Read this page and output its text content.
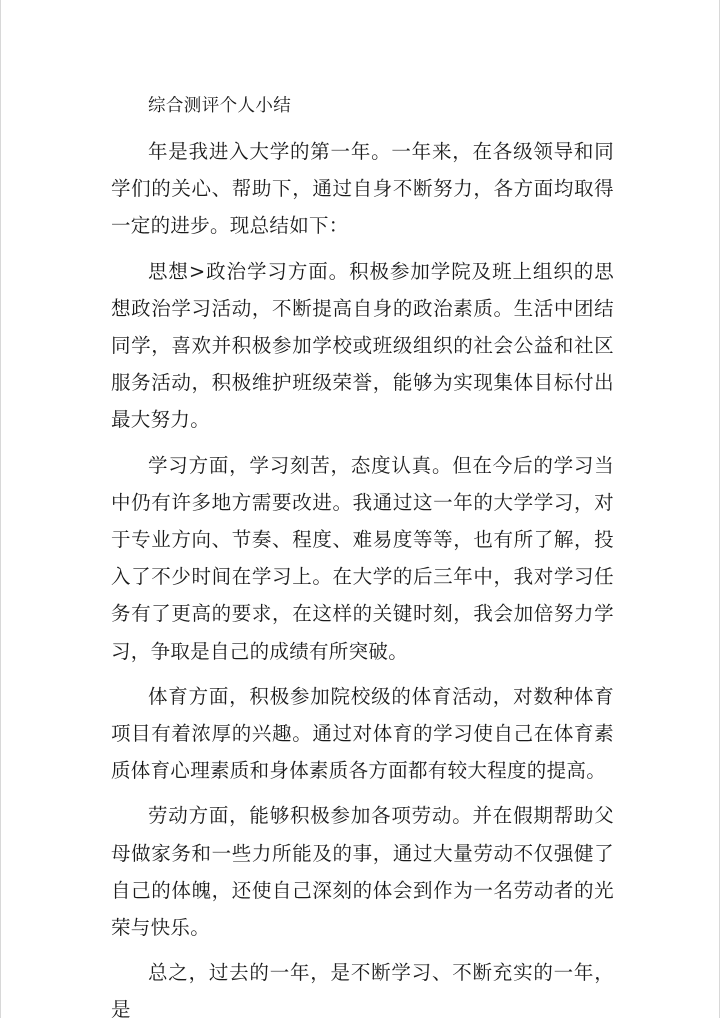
综合测评个人小结

年是我进入大学的第一年。一年来，在各级领导和同学们的关心、帮助下，通过自身不断努力，各方面均取得一定的进步。现总结如下：

思想>政治学习方面。积极参加学院及班上组织的思想政治学习活动，不断提高自身的政治素质。生活中团结同学，喜欢并积极参加学校或班级组织的社会公益和社区服务活动，积极维护班级荣誉，能够为实现集体目标付出最大努力。

学习方面，学习刻苦，态度认真。但在今后的学习当中仍有许多地方需要改进。我通过这一年的大学学习，对于专业方向、节奏、程度、难易度等等，也有所了解，投入了不少时间在学习上。在大学的后三年中，我对学习任务有了更高的要求，在这样的关键时刻，我会加倍努力学习，争取是自己的成绩有所突破。

体育方面，积极参加院校级的体育活动，对数种体育项目有着浓厚的兴趣。通过对体育的学习使自己在体育素质体育心理素质和身体素质各方面都有较大程度的提高。

劳动方面，能够积极参加各项劳动。并在假期帮助父母做家务和一些力所能及的事，通过大量劳动不仅强健了自己的体魄，还使自己深刻的体会到作为一名劳动者的光荣与快乐。

总之，过去的一年，是不断学习、不断充实的一年，是
